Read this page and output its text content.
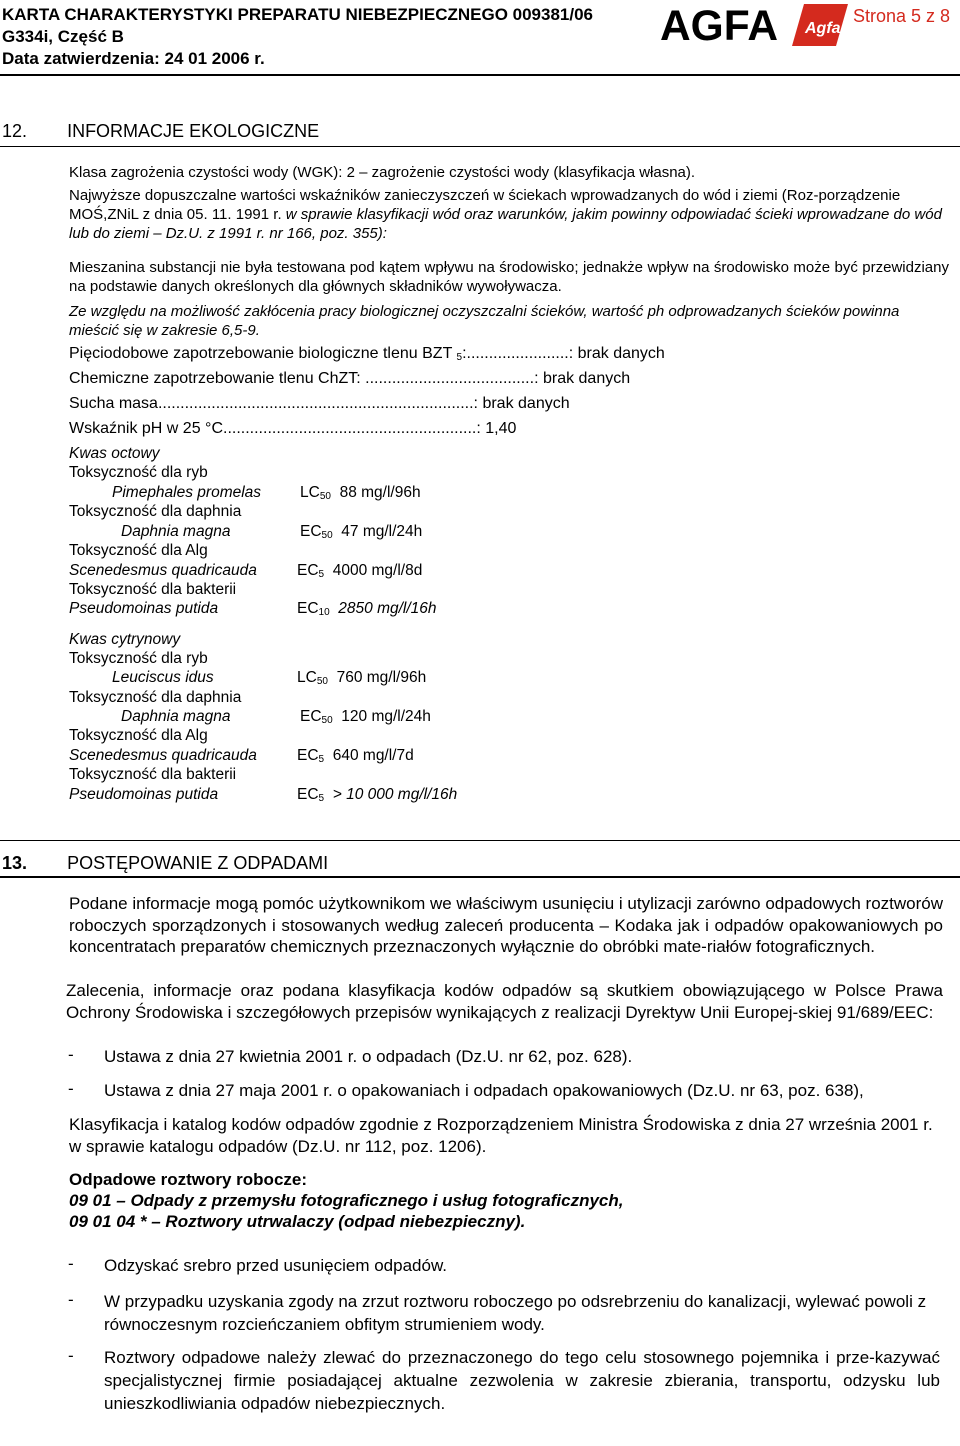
KARTA CHARAKTERYSTYKI PREPARATU NIEBEZPIECZNEGO 009381/06
G334i, Część B
Data zatwierdzenia: 24 01 2006 r.
AGFA Agfa
Strona 5 z 8
12. INFORMACJE EKOLOGICZNE
Klasa zagrożenia czystości wody (WGK): 2 – zagrożenie czystości wody (klasyfikacja własna).
Najwyższe dopuszczalne wartości wskaźników zanieczyszczeń w ściekach wprowadzanych do wód i ziemi (Roz-porządzenie MOŚ,ZNiL z dnia 05. 11. 1991 r. w sprawie klasyfikacji wód oraz warunków, jakim powinny odpowiadać ścieki wprowadzane do wód lub do ziemi – Dz.U. z 1991 r. nr 166, poz. 355):
Mieszanina substancji nie była testowana pod kątem wpływu na środowisko; jednakże wpływ na środowisko może być przewidziany na podstawie danych określonych dla głównych składników wywoływacza.
Ze względu na możliwość zakłócenia pracy biologicznej oczyszczalni ścieków, wartość ph odprowadzanych ścieków powinna mieścić się w zakresie 6,5-9.
Pięciodobowe zapotrzebowanie biologiczne tlenu BZT $_5$:.......................: brak danych
Chemiczne zapotrzebowanie tlenu ChZT: ......................................: brak danych
Sucha masa.......................................................................: brak danych
Wskaźnik pH w 25 °C.........................................................: 1,40
Kwas octowy
Toksyczność dla ryb
Pimephales promelas	$LC_{50}$ 88 mg/l/96h
Toksyczność dla daphnia
Daphnia magna	$EC_{50}$ 47 mg/l/24h
Toksyczność dla Alg
Scenedesmus quadricauda	$EC_5$ 4000 mg/l/8d
Toksyczność dla bakterii
Pseudomoinas putida	$EC_{10}$ 2850 mg/l/16h
Kwas cytrynowy
Toksyczność dla ryb
Leuciscus idus	$LC_{50}$ 760 mg/l/96h
Toksyczność dla daphnia
Daphnia magna	$EC_{50}$ 120 mg/l/24h
Toksyczność dla Alg
Scenedesmus quadricauda	$EC_5$ 640 mg/l/7d
Toksyczność dla bakterii
Pseudomoinas putida	$EC_5 > 10$ 000 mg/l/16h
13. POSTĘPOWANIE Z ODPADAMI
Podane informacje mogą pomóc użytkownikom we właściwym usunięciu i utylizacji zarówno odpadowych roztworów roboczych sporządzonych i stosowanych według zaleceń producenta – Kodaka jak i odpadów opakowaniowych po koncentratach preparatów chemicznych przeznaczonych wyłącznie do obróbki mate-riałów fotograficznych.
Zalecenia, informacje oraz podana klasyfikacja kodów odpadów są skutkiem obowiązującego w Polsce Prawa Ochrony Środowiska i szczegółowych przepisów wynikających z realizacji Dyrektyw Unii Europej-skiej 91/689/EEC:
- Ustawa z dnia 27 kwietnia 2001 r. o odpadach (Dz.U. nr 62, poz. 628).
- Ustawa z dnia 27 maja 2001 r. o opakowaniach i odpadach opakowaniowych (Dz.U. nr 63, poz. 638),
Klasyfikacja i katalog kodów odpadów zgodnie z Rozporządzeniem Ministra Środowiska z dnia 27 września 2001 r. w sprawie katalogu odpadów (Dz.U. nr 112, poz. 1206).
Odpadowe roztwory robocze:
09 01 – Odpady z przemysłu fotograficznego i usług fotograficznych,
09 01 04 * – Roztwory utrwalaczy (odpad niebezpieczny).
- Odzyskać srebro przed usunięciem odpadów.
- W przypadku uzyskania zgody na zrzut roztworu roboczego po odsrebrzeniu do kanalizacji, wylewać powoli z równoczesnym rozcieńczaniem obfitym strumieniem wody.
- Roztwory odpadowe należy zlewać do przeznaczonego do tego celu stosownego pojemnika i prze-kazywać specjalistycznej firmie posiadającej aktualne zezwolenia w zakresie zbierania, transportu, odzysku lub unieszkodliwiania odpadów niebezpiecznych.
